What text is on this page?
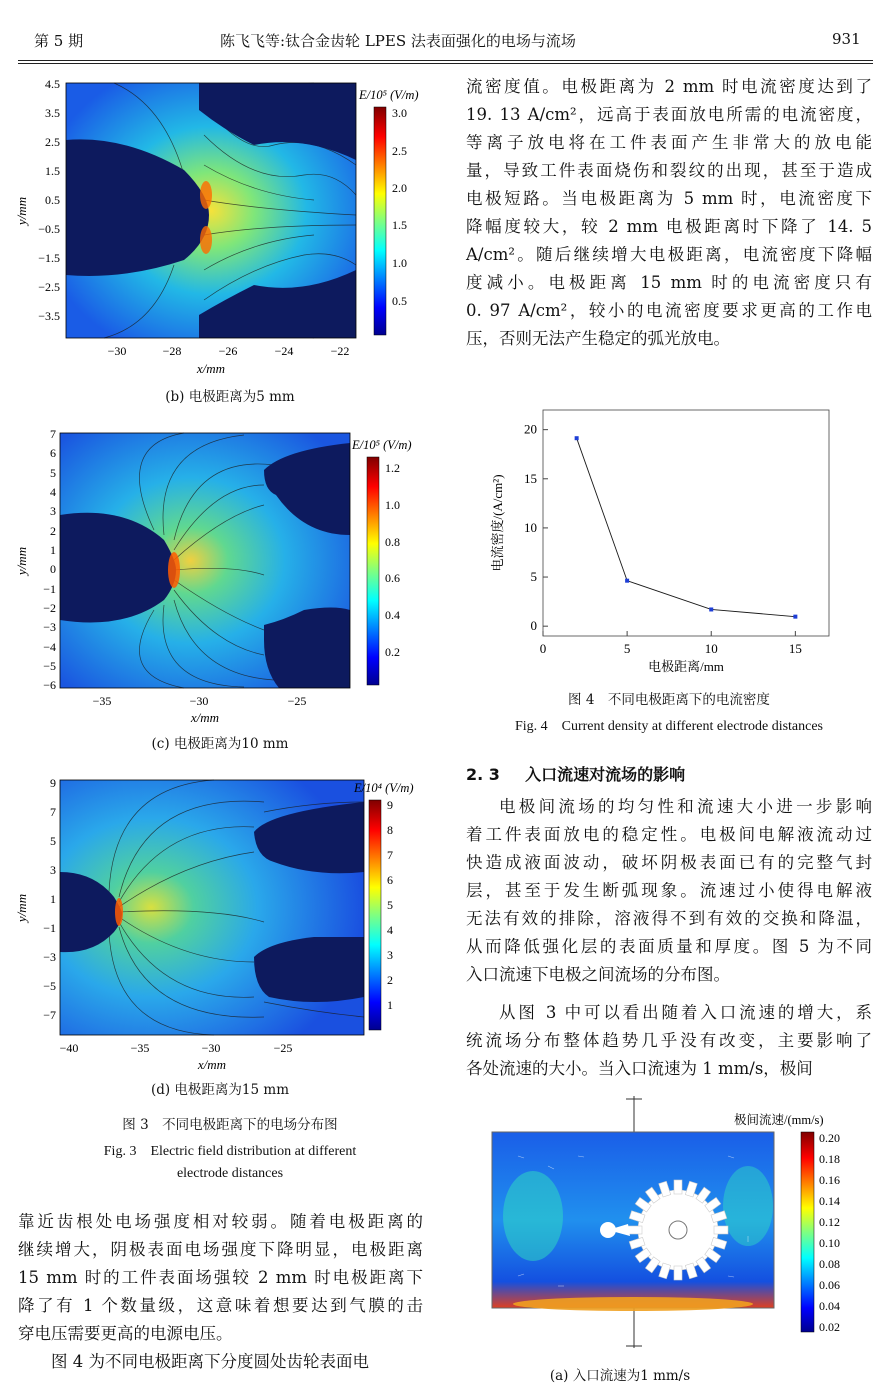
第 5 期	陈飞飞等:钛合金齿轮 LPES 法表面强化的电场与流场	931
4.5
3.5
2.5
1.5
0.5
−0.5
−1.5
−2.5
−3.5
−30	−28	−26	−24	−22
x/mm
y/mm
E/10⁵ (V/m)
3.0
2.5
2.0
1.5
1.0
0.5
(b) 电极距离为5 mm
7
6
5
4
3
2
1
0
−1
−2
−3
−4
−5
−6
−35	−30	−25
x/mm
y/mm
E/10⁵ (V/m)
1.2
1.0
0.8
0.6
0.4
0.2
(c) 电极距离为10 mm
9
7
5
3
1
−1
−3
−5
−7
−40	−35	−30	−25
x/mm
y/mm
E/10⁴ (V/m)
9
8
7
6
5
4
3
2
1
(d) 电极距离为15 mm
图 3　不同电极距离下的电场分布图
Fig. 3　Electric field distribution at different
electrode distances
靠近齿根处电场强度相对较弱。随着电极距离的
继续增大，阴极表面电场强度下降明显，电极距离
15 mm 时的工件表面场强较 2 mm 时电极距离下
降了有 1 个数量级，这意味着想要达到气膜的击
穿电压需要更高的电源电压。
图 4 为不同电极距离下分度圆处齿轮表面电
流密度值。电极距离为 2 mm 时电流密度达到了
19. 13 A/cm²，远高于表面放电所需的电流密度，
等离子放电将在工件表面产生非常大的放电能
量，导致工件表面烧伤和裂纹的出现，甚至于造成
电极短路。当电极距离为 5 mm 时，电流密度下
降幅度较大，较 2 mm 电极距离时下降了 14. 5
A/cm²。随后继续增大电极距离，电流密度下降幅
度减小。电极距离 15 mm 时的电流密度只有
0. 97 A/cm²，较小的电流密度要求更高的工作电
压，否则无法产生稳定的弧光放电。
0
5
10
15
20
0	5	10	15
电极距离/mm
电流密度/(A/cm²)
图 4　不同电极距离下的电流密度
Fig. 4　Current density at different electrode distances
2. 3 入口流速对流场的影响
电极间流场的均匀性和流速大小进一步影响
着工件表面放电的稳定性。电极间电解液流动过
快造成液面波动，破坏阴极表面已有的完整气封
层，甚至于发生断弧现象。流速过小使得电解液
无法有效的排除，溶液得不到有效的交换和降温，
从而降低强化层的表面质量和厚度。图 5 为不同
入口流速下电极之间流场的分布图。
从图 3 中可以看出随着入口流速的增大，系
统流场分布整体趋势几乎没有改变，主要影响了
各处流速的大小。当入口流速为 1 mm/s，极间
极间流速/(mm/s)
0.20
0.18
0.16
0.14
0.12
0.10
0.08
0.06
0.04
0.02
(a) 入口流速为1 mm/s
